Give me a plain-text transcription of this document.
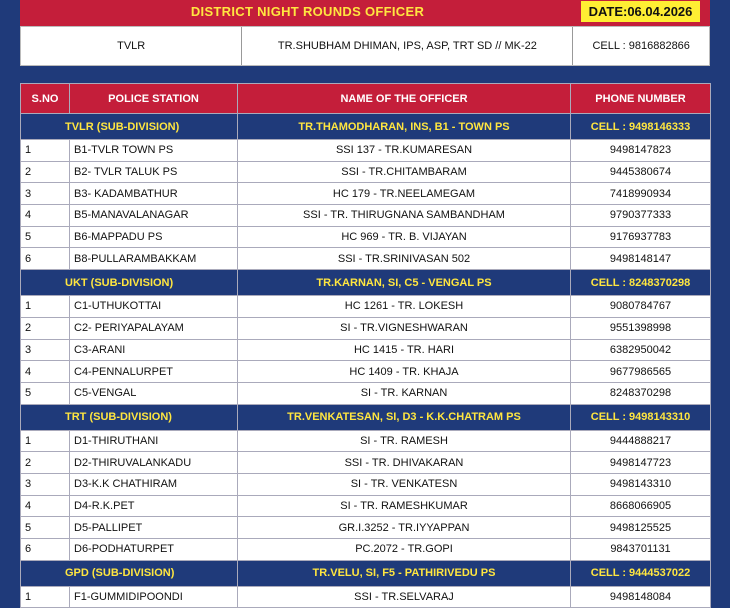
DISTRICT NIGHT ROUNDS OFFICER	DATE:06.04.2026
TVLR	TR.SHUBHAM DHIMAN, IPS, ASP, TRT SD // MK-22	CELL : 9816882866
S.NO	POLICE STATION	NAME OF THE OFFICER	PHONE NUMBER
TVLR (SUB-DIVISION)		TR.THAMODHARAN, INS, B1 - TOWN PS	CELL : 9498146333
1	B1-TVLR TOWN PS	SSI 137 - TR.KUMARESAN	9498147823
2	B2- TVLR TALUK PS	SSI - TR.CHITAMBARAM	9445380674
3	B3- KADAMBATHUR	HC 179 - TR.NEELAMEGAM	7418990934
4	B5-MANAVALANAGAR	SSI - TR. THIRUGNANA SAMBANDHAM	9790377333
5	B6-MAPPADU PS	HC 969 - TR. B. VIJAYAN	9176937783
6	B8-PULLARAMBAKKAM	SSI - TR.SRINIVASAN 502	9498148147
UKT (SUB-DIVISION)		TR.KARNAN, SI, C5 - VENGAL PS	CELL : 8248370298
1	C1-UTHUKOTTAI	HC 1261 - TR. LOKESH	9080784767
2	C2- PERIYAPALAYAM	SI - TR.VIGNESHWARAN	9551398998
3	C3-ARANI	HC 1415 - TR. HARI	6382950042
4	C4-PENNALURPET	HC 1409 - TR. KHAJA	9677986565
5	C5-VENGAL	SI - TR. KARNAN	8248370298
TRT (SUB-DIVISION)		TR.VENKATESAN, SI, D3 - K.K.CHATRAM PS	CELL : 9498143310
1	D1-THIRUTHANI	SI - TR. RAMESH	9444888217
2	D2-THIRUVALANKADU	SSI - TR. DHIVAKARAN	9498147723
3	D3-K.K CHATHIRAM	SI - TR. VENKATESN	9498143310
4	D4-R.K.PET	SI - TR. RAMESHKUMAR	8668066905
5	D5-PALLIPET	GR.I.3252 - TR.IYYAPPAN	9498125525
6	D6-PODHATURPET	PC.2072 - TR.GOPI	9843701131
GPD (SUB-DIVISION)		TR.VELU, SI, F5 - PATHIRIVEDU PS	CELL : 9444537022
1	F1-GUMMIDIPOONDI	SSI - TR.SELVARAJ	9498148084
